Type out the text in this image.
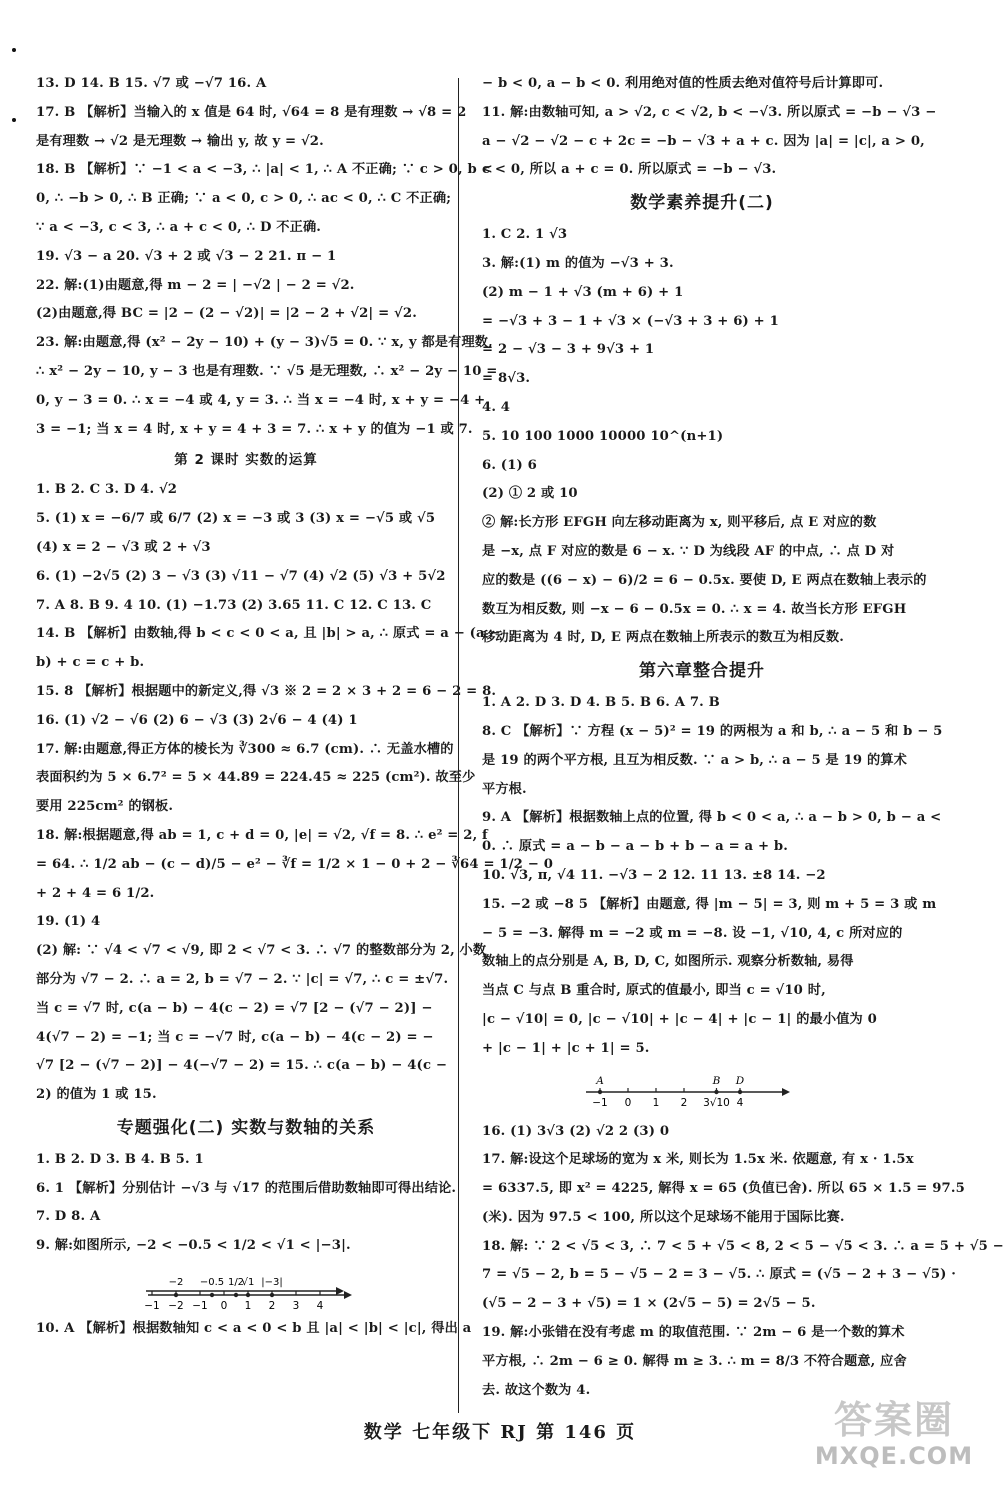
13. D 14. B 15. √7 或 −√7 16. A
17. B 【解析】当输入的 x 值是 64 时, √64 = 8 是有理数 → √8 = 2
是有理数 → √2 是无理数 → 输出 y, 故 y = √2.
18. B 【解析】∵ −1 < a < −3, ∴ |a| < 1, ∴ A 不正确; ∵ c > 0, b <
0, ∴ −b > 0, ∴ B 正确; ∵ a < 0, c > 0, ∴ ac < 0, ∴ C 不正确;
∵ a < −3, c < 3, ∴ a + c < 0, ∴ D 不正确.
19. √3 − a 20. √3 + 2 或 √3 − 2 21. π − 1
22. 解:(1)由题意,得 m − 2 = | −√2 | − 2 = √2.
(2)由题意,得 BC = |2 − (2 − √2)| = |2 − 2 + √2| = √2.
23. 解:由题意,得 (x² − 2y − 10) + (y − 3)√5 = 0. ∵ x, y 都是有理数,
∴ x² − 2y − 10, y − 3 也是有理数. ∵ √5 是无理数, ∴ x² − 2y − 10 =
0, y − 3 = 0. ∴ x = −4 或 4, y = 3. ∴ 当 x = −4 时, x + y = −4 +
3 = −1; 当 x = 4 时, x + y = 4 + 3 = 7. ∴ x + y 的值为 −1 或 7.
第 2 课时 实数的运算
1. B 2. C 3. D 4. √2
5. (1) x = −6/7 或 6/7 (2) x = −3 或 3 (3) x = −√5 或 √5
(4) x = 2 − √3 或 2 + √3
6. (1) −2√5 (2) 3 − √3 (3) √11 − √7 (4) √2 (5) √3 + 5√2
7. A 8. B 9. 4 10. (1) −1.73 (2) 3.65 11. C 12. C 13. C
14. B 【解析】由数轴,得 b < c < 0 < a, 且 |b| > a, ∴ 原式 = a − (a −
b) + c = c + b.
15. 8 【解析】根据题中的新定义,得 √3 ※ 2 = 2 × 3 + 2 = 6 − 2 = 8.
16. (1) √2 − √6 (2) 6 − √3 (3) 2√6 − 4 (4) 1
17. 解:由题意,得正方体的棱长为 ∛300 ≈ 6.7 (cm). ∴ 无盖水槽的
表面积约为 5 × 6.7² = 5 × 44.89 = 224.45 ≈ 225 (cm²). 故至少
要用 225cm² 的钢板.
18. 解:根据题意,得 ab = 1, c + d = 0, |e| = √2, √f = 8. ∴ e² = 2, f
= 64. ∴ 1/2 ab − (c − d)/5 − e² − ∛f = 1/2 × 1 − 0 + 2 − ∛64 = 1/2 − 0
+ 2 + 4 = 6 1/2.
19. (1) 4
(2) 解: ∵ √4 < √7 < √9, 即 2 < √7 < 3. ∴ √7 的整数部分为 2, 小数
部分为 √7 − 2. ∴ a = 2, b = √7 − 2. ∵ |c| = √7, ∴ c = ±√7.
当 c = √7 时, c(a − b) − 4(c − 2) = √7 [2 − (√7 − 2)] −
4(√7 − 2) = −1; 当 c = −√7 时, c(a − b) − 4(c − 2) = −
√7 [2 − (√7 − 2)] − 4(−√7 − 2) = 15. ∴ c(a − b) − 4(c −
2) 的值为 1 或 15.
专题强化(二) 实数与数轴的关系
1. B 2. D 3. B 4. B 5. 1
6. 1 【解析】分别估计 −√3 与 √17 的范围后借助数轴即可得出结论.
7. D 8. A
9. 解:如图所示, −2 < −0.5 < 1/2 < √1 < |−3|.
−1 −2 −1 0 1 2 3 4
−2 −0.5 1/2
√1 |−3|
10. A 【解析】根据数轴知 c < a < 0 < b 且 |a| < |b| < |c|, 得出 a
− b < 0, a − b < 0. 利用绝对值的性质去绝对值符号后计算即可.
11. 解:由数轴可知, a > √2, c < √2, b < −√3. 所以原式 = −b − √3 −
a − √2 − √2 − c + 2c = −b − √3 + a + c. 因为 |a| = |c|, a > 0,
c < 0, 所以 a + c = 0. 所以原式 = −b − √3.
数学素养提升(二)
1. C 2. 1 √3
3. 解:(1) m 的值为 −√3 + 3.
(2) m − 1 + √3 (m + 6) + 1
= −√3 + 3 − 1 + √3 × (−√3 + 3 + 6) + 1
= 2 − √3 − 3 + 9√3 + 1
= 8√3.
4. 4
5. 10 100 1000 10000 10^(n+1)
6. (1) 6
(2) ① 2 或 10
② 解:长方形 EFGH 向左移动距离为 x, 则平移后, 点 E 对应的数
是 −x, 点 F 对应的数是 6 − x. ∵ D 为线段 AF 的中点, ∴ 点 D 对
应的数是 ((6 − x) − 6)/2 = 6 − 0.5x. 要使 D, E 两点在数轴上表示的
数互为相反数, 则 −x − 6 − 0.5x = 0. ∴ x = 4. 故当长方形 EFGH
移动距离为 4 时, D, E 两点在数轴上所表示的数互为相反数.
第六章整合提升
1. A 2. D 3. D 4. B 5. B 6. A 7. B
8. C 【解析】∵ 方程 (x − 5)² = 19 的两根为 a 和 b, ∴ a − 5 和 b − 5
是 19 的两个平方根, 且互为相反数. ∵ a > b, ∴ a − 5 是 19 的算术
平方根.
9. A 【解析】根据数轴上点的位置, 得 b < 0 < a, ∴ a − b > 0, b − a <
0. ∴ 原式 = a − b − a − b + b − a = a + b.
10. √3, π, √4 11. −√3 − 2 12. 11 13. ±8 14. −2
15. −2 或 −8 5 【解析】由题意, 得 |m − 5| = 3, 则 m + 5 = 3 或 m
− 5 = −3. 解得 m = −2 或 m = −8. 设 −1, √10, 4, c 所对应的
数轴上的点分别是 A, B, D, C, 如图所示. 观察分析数轴, 易得
当点 C 与点 B 重合时, 原式的值最小, 即当 c = √10 时,
|c − √10| = 0, |c − √10| + |c − 4| + |c − 1| 的最小值为 0
+ |c − 1| + |c + 1| = 5.
A	B D
−1 0 1 2 3√10 4
16. (1) 3√3 (2) √2 2 (3) 0
17. 解:设这个足球场的宽为 x 米, 则长为 1.5x 米. 依题意, 有 x · 1.5x
= 6337.5, 即 x² = 4225, 解得 x = 65 (负值已舍). 所以 65 × 1.5 = 97.5
(米). 因为 97.5 < 100, 所以这个足球场不能用于国际比赛.
18. 解: ∵ 2 < √5 < 3, ∴ 7 < 5 + √5 < 8, 2 < 5 − √5 < 3. ∴ a = 5 + √5 −
7 = √5 − 2, b = 5 − √5 − 2 = 3 − √5. ∴ 原式 = (√5 − 2 + 3 − √5) ·
(√5 − 2 − 3 + √5) = 1 × (2√5 − 5) = 2√5 − 5.
19. 解:小张错在没有考虑 m 的取值范围. ∵ 2m − 6 是一个数的算术
平方根, ∴ 2m − 6 ≥ 0. 解得 m ≥ 3. ∴ m = 8/3 不符合题意, 应舍
去. 故这个数为 4.
数学 七年级下 RJ 第 146 页	答案圈
MXQE.COM
